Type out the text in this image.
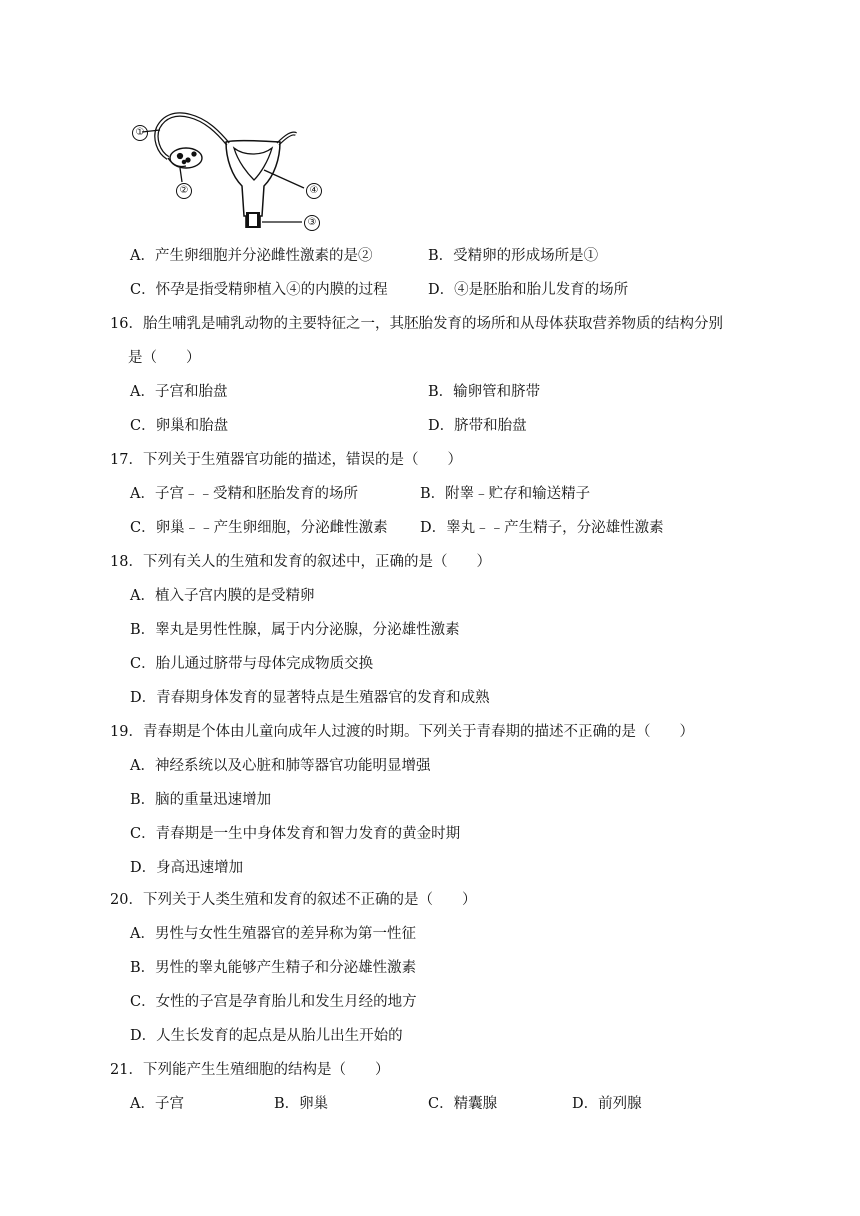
①
②
③
④
A．产生卵细胞并分泌雌性激素的是②	B．受精卵的形成场所是①
C．怀孕是指受精卵植入④的内膜的过程	D．④是胚胎和胎儿发育的场所
16．胎生哺乳是哺乳动物的主要特征之一，其胚胎发育的场所和从母体获取营养物质的结构分别
是（　　）
A．子宫和胎盘	B．输卵管和脐带
C．卵巢和胎盘	D．脐带和胎盘
17．下列关于生殖器官功能的描述，错误的是（　　）
A．子宫﹣﹣受精和胚胎发育的场所	B．附睾﹣贮存和输送精子
C．卵巢﹣﹣产生卵细胞，分泌雌性激素 D．睾丸﹣﹣产生精子，分泌雄性激素
18．下列有关人的生殖和发育的叙述中，正确的是（　　）
A．植入子宫内膜的是受精卵
B．睾丸是男性性腺，属于内分泌腺，分泌雄性激素
C．胎儿通过脐带与母体完成物质交换
D．青春期身体发育的显著特点是生殖器官的发育和成熟
19．青春期是个体由儿童向成年人过渡的时期。下列关于青春期的描述不正确的是（　　）
A．神经系统以及心脏和肺等器官功能明显增强
B．脑的重量迅速增加
C．青春期是一生中身体发育和智力发育的黄金时期
D．身高迅速增加
20．下列关于人类生殖和发育的叙述不正确的是（　　）
A．男性与女性生殖器官的差异称为第一性征
B．男性的睾丸能够产生精子和分泌雄性激素
C．女性的子宫是孕育胎儿和发生月经的地方
D．人生长发育的起点是从胎儿出生开始的
21．下列能产生生殖细胞的结构是（　　）
A．子宫	B．卵巢	C．精囊腺	D．前列腺
